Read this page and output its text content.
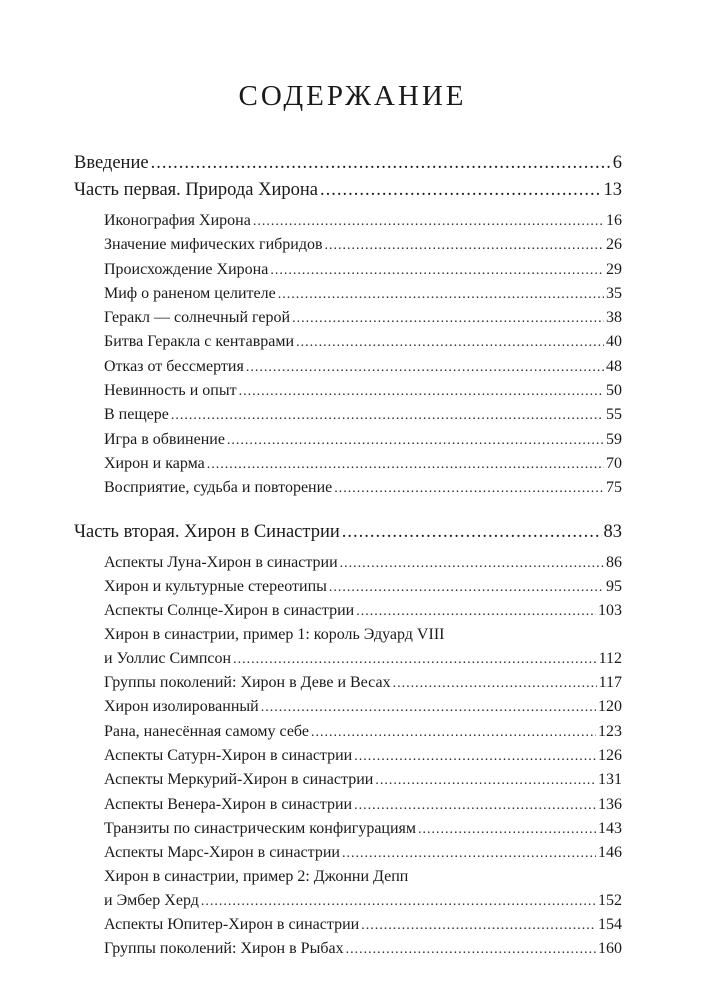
СОДЕРЖАНИЕ
Введение .....	6
Часть первая. Природа Хирона .....	13
Иконография Хирона .....	16
Значение мифических гибридов .....	26
Происхождение Хирона .....	29
Миф о раненом целителе .....	35
Геракл — солнечный герой .....	38
Битва Геракла с кентаврами .....	40
Отказ от бессмертия .....	48
Невинность и опыт .....	50
В пещере .....	55
Игра в обвинение .....	59
Хирон и карма .....	70
Восприятие, судьба и повторение .....	75
Часть вторая. Хирон в Синастрии .....	83
Аспекты Луна-Хирон в синастрии .....	86
Хирон и культурные стереотипы .....	95
Аспекты Солнце-Хирон в синастрии .....	103
Хирон в синастрии, пример 1: король Эдуард VIII
и Уоллис Симпсон .....	112
Группы поколений: Хирон в Деве и Весах .....	117
Хирон изолированный .....	120
Рана, нанесённая самому себе .....	123
Аспекты Сатурн-Хирон в синастрии .....	126
Аспекты Меркурий-Хирон в синастрии .....	131
Аспекты Венера-Хирон в синастрии .....	136
Транзиты по синастрическим конфигурациям .....	143
Аспекты Марс-Хирон в синастрии .....	146
Хирон в синастрии, пример 2: Джонни Депп
и Эмбер Херд .....	152
Аспекты Юпитер-Хирон в синастрии .....	154
Группы поколений: Хирон в Рыбах .....	160
